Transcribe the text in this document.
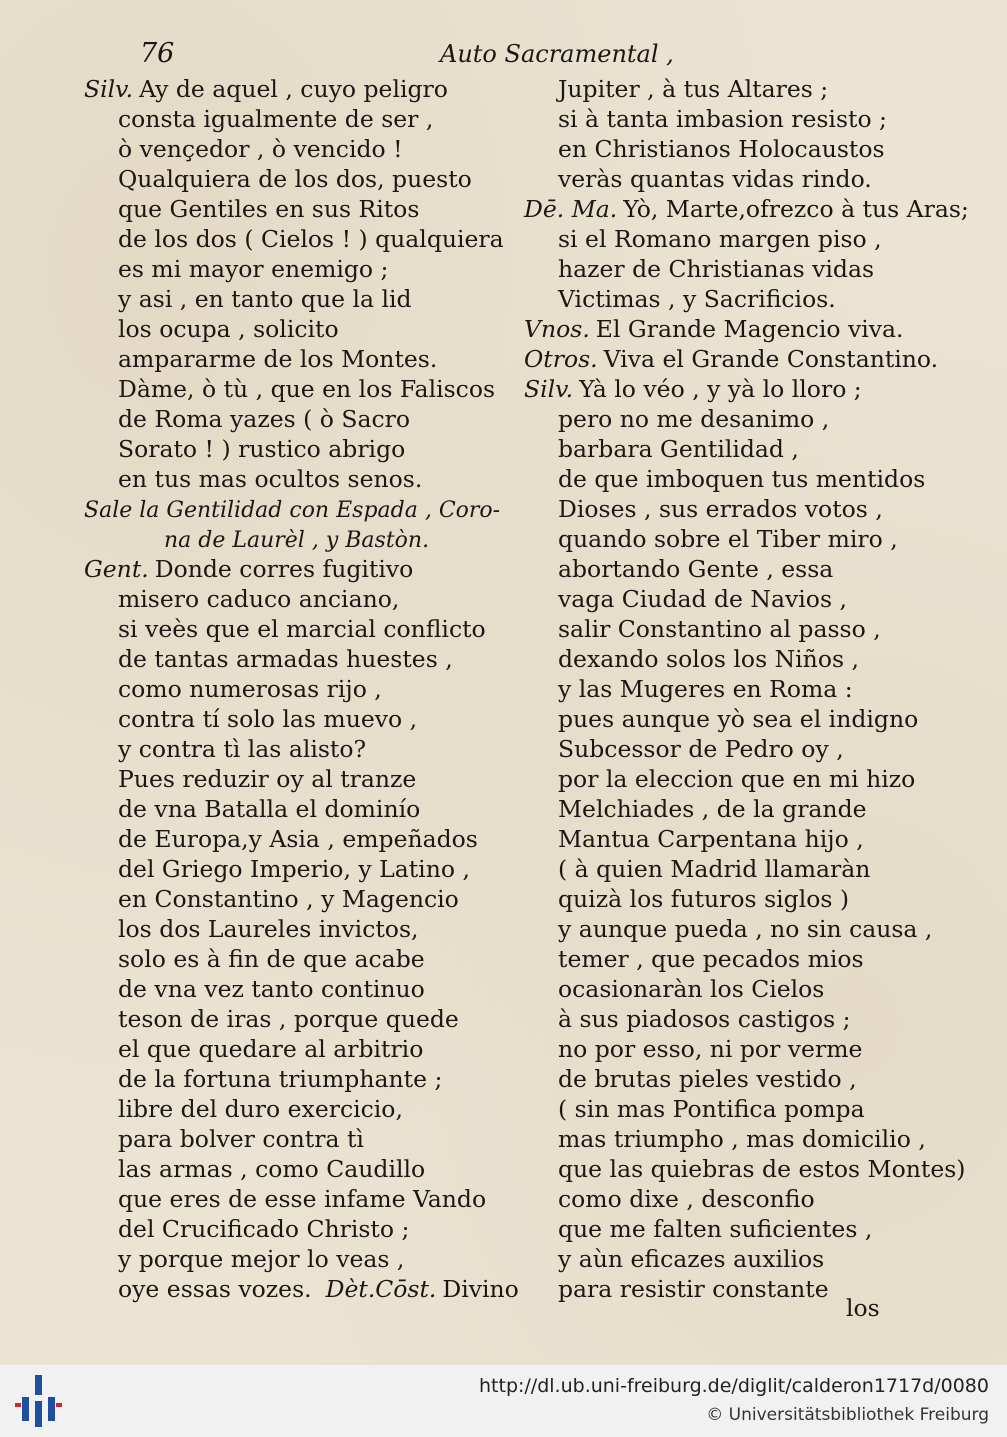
76	Auto Sacramental ,
Silv. Ay de aquel , cuyo peligro
consta igualmente de ser ,
ò vençedor , ò vencido !
Qualquiera de los dos, puesto
que Gentiles en sus Ritos
de los dos ( Cielos ! ) qualquiera
es mi mayor enemigo ;
y asi , en tanto que la lid
los ocupa , solicito
ampararme de los Montes.
Dàme, ò tù , que en los Faliscos
de Roma yazes ( ò Sacro
Sorato ! ) rustico abrigo
en tus mas ocultos senos.
Sale la Gentilidad con Espada , Coro-
na de Laurèl , y Bastòn.
Gent. Donde corres fugitivo
misero caduco anciano,
si veès que el marcial conflicto
de tantas armadas huestes ,
como numerosas rijo ,
contra tí solo las muevo ,
y contra tì las alisto?
Pues reduzir oy al tranze
de vna Batalla el dominío
de Europa,y Asia , empeñados
del Griego Imperio, y Latino ,
en Constantino , y Magencio
los dos Laureles invictos,
solo es à fin de que acabe
de vna vez tanto continuo
teson de iras , porque quede
el que quedare al arbitrio
de la fortuna triumphante ;
libre del duro exercicio,
para bolver contra tì
las armas , como Caudillo
que eres de esse infame Vando
del Crucificado Christo ;
y porque mejor lo veas ,
oye essas vozes. Dèt.Cōst. Divino
Jupiter , à tus Altares ;
si à tanta imbasion resisto ;
en Christianos Holocaustos
veràs quantas vidas rindo.
Dē. Ma. Yò, Marte,ofrezco à tus Aras;
si el Romano margen piso ,
hazer de Christianas vidas
Victimas , y Sacrificios.
Vnos. El Grande Magencio viva.
Otros. Viva el Grande Constantino.
Silv. Yà lo véo , y yà lo lloro ;
pero no me desanimo ,
barbara Gentilidad ,
de que imboquen tus mentidos
Dioses , sus errados votos ,
quando sobre el Tiber miro ,
abortando Gente , essa
vaga Ciudad de Navios ,
salir Constantino al passo ,
dexando solos los Niños ,
y las Mugeres en Roma :
pues aunque yò sea el indigno
Subcessor de Pedro oy ,
por la eleccion que en mi hizo
Melchiades , de la grande
Mantua Carpentana hijo ,
( à quien Madrid llamaràn
quizà los futuros siglos )
y aunque pueda , no sin causa ,
temer , que pecados mios
ocasionaràn los Cielos
à sus piadosos castigos ;
no por esso, ni por verme
de brutas pieles vestido ,
( sin mas Pontifica pompa
mas triumpho , mas domicilio ,
que las quiebras de estos Montes)
como dixe , desconfio
que me falten suficientes ,
y aùn eficazes auxilios
para resistir constante
los
http://dl.ub.uni-freiburg.de/diglit/calderon1717d/0080
© Universitätsbibliothek Freiburg
